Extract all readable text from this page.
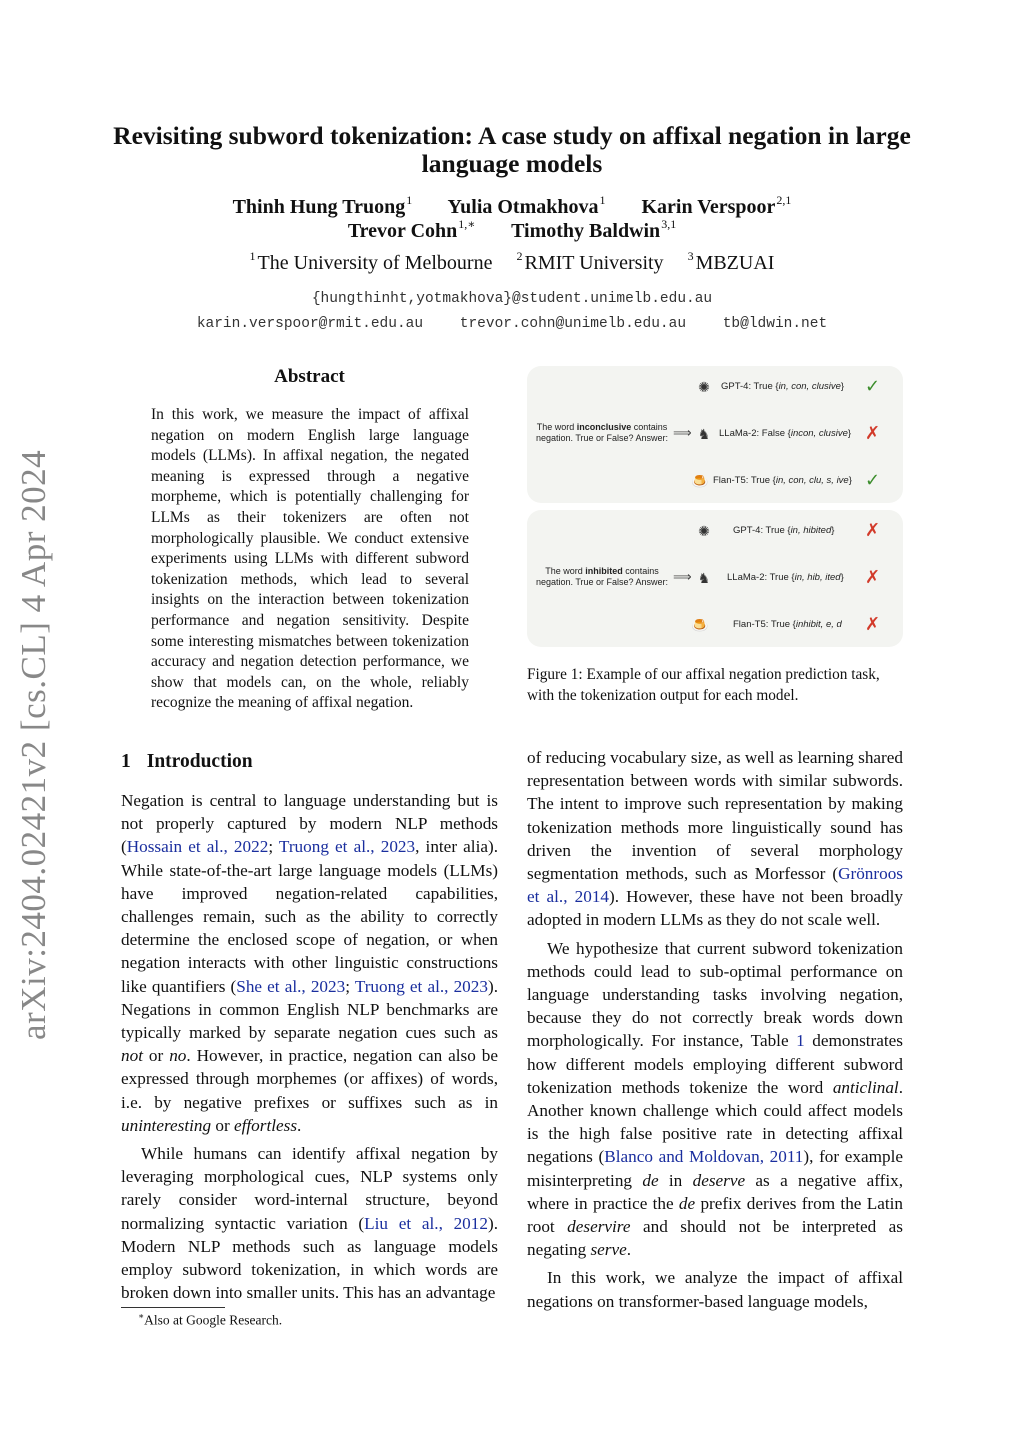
arXiv:2404.02421v2 [cs.CL] 4 Apr 2024
Revisiting subword tokenization: A case study on affixal negation in large language models
Thinh Hung Truong$^1$ Yulia Otmakhova$^1$ Karin Verspoor$^{2,1}$
Trevor Cohn$^{1,∗}$ Timothy Baldwin$^{3,1}$
$^1$ The University of Melbourne $^2$ RMIT University $^3$ MBZUAI
{hungthinht,yotmakhova}@student.unimelb.edu.au
karin.verspoor@rmit.edu.au	trevor.cohn@unimelb.edu.au	tb@ldwin.net
Abstract
In this work, we measure the impact of affixal negation on modern English large language models (LLMs). In affixal negation, the negated meaning is expressed through a negative morpheme, which is potentially challenging for LLMs as their tokenizers are often not morphologically plausible. We conduct extensive experiments using LLMs with different subword tokenization methods, which lead to several insights on the interaction between tokenization performance and negation sensitivity. Despite some interesting mismatches between tokenization accuracy and negation detection performance, we show that models can, on the whole, reliably recognize the meaning of affixal negation.
The word inconclusive contains negation. True or False? Answer: ⟹
✺	GPT-4: True {in, con, clusive} ✓
♞ LLaMa-2: False {incon, clusive} ✗
🍮 Flan-T5: True {in, con, clu, s, ive} ✓
The word inhibited contains negation. True or False? Answer: ⟹
✺	GPT-4: True {in, hibited} ✗
♞ LLaMa-2: True {in, hib, ited} ✗
🍮	Flan-T5: True {inhibit, e, d ✗
Figure 1: Example of our affixal negation prediction task, with the tokenization output for each model.
1 Introduction

Negation is central to language understanding but is not properly captured by modern NLP methods (Hossain et al., 2022; Truong et al., 2023, inter alia). While state-of-the-art large language models (LLMs) have improved negation-related capabilities, challenges remain, such as the ability to correctly determine the enclosed scope of negation, or when negation interacts with other linguistic constructions like quantifiers (She et al., 2023; Truong et al., 2023). Negations in common English NLP benchmarks are typically marked by separate negation cues such as not or no. However, in practice, negation can also be expressed through morphemes (or affixes) of words, i.e. by negative prefixes or suffixes such as in uninteresting or effortless.

While humans can identify affixal negation by leveraging morphological cues, NLP systems only rarely consider word-internal structure, beyond normalizing syntactic variation (Liu et al., 2012). Modern NLP methods such as language models employ subword tokenization, in which words are broken down into smaller units. This has an advantage

of reducing vocabulary size, as well as learning shared representation between words with similar subwords. The intent to improve such representation by making tokenization methods more linguistically sound has driven the invention of several morphology segmentation methods, such as Morfessor (Grönroos et al., 2014). However, these have not been broadly adopted in modern LLMs as they do not scale well.

We hypothesize that current subword tokenization methods could lead to sub-optimal performance on language understanding tasks involving negation, because they do not correctly break words down morphologically. For instance, Table 1 demonstrates how different models employing different subword tokenization methods tokenize the word anticlinal. Another known challenge which could affect models is the high false positive rate in detecting affixal negations (Blanco and Moldovan, 2011), for example misinterpreting de in deserve as a negative affix, where in practice the de prefix derives from the Latin root deservire and should not be interpreted as negating serve.

In this work, we analyze the impact of affixal negations on transformer-based language models,

∗Also at Google Research.
